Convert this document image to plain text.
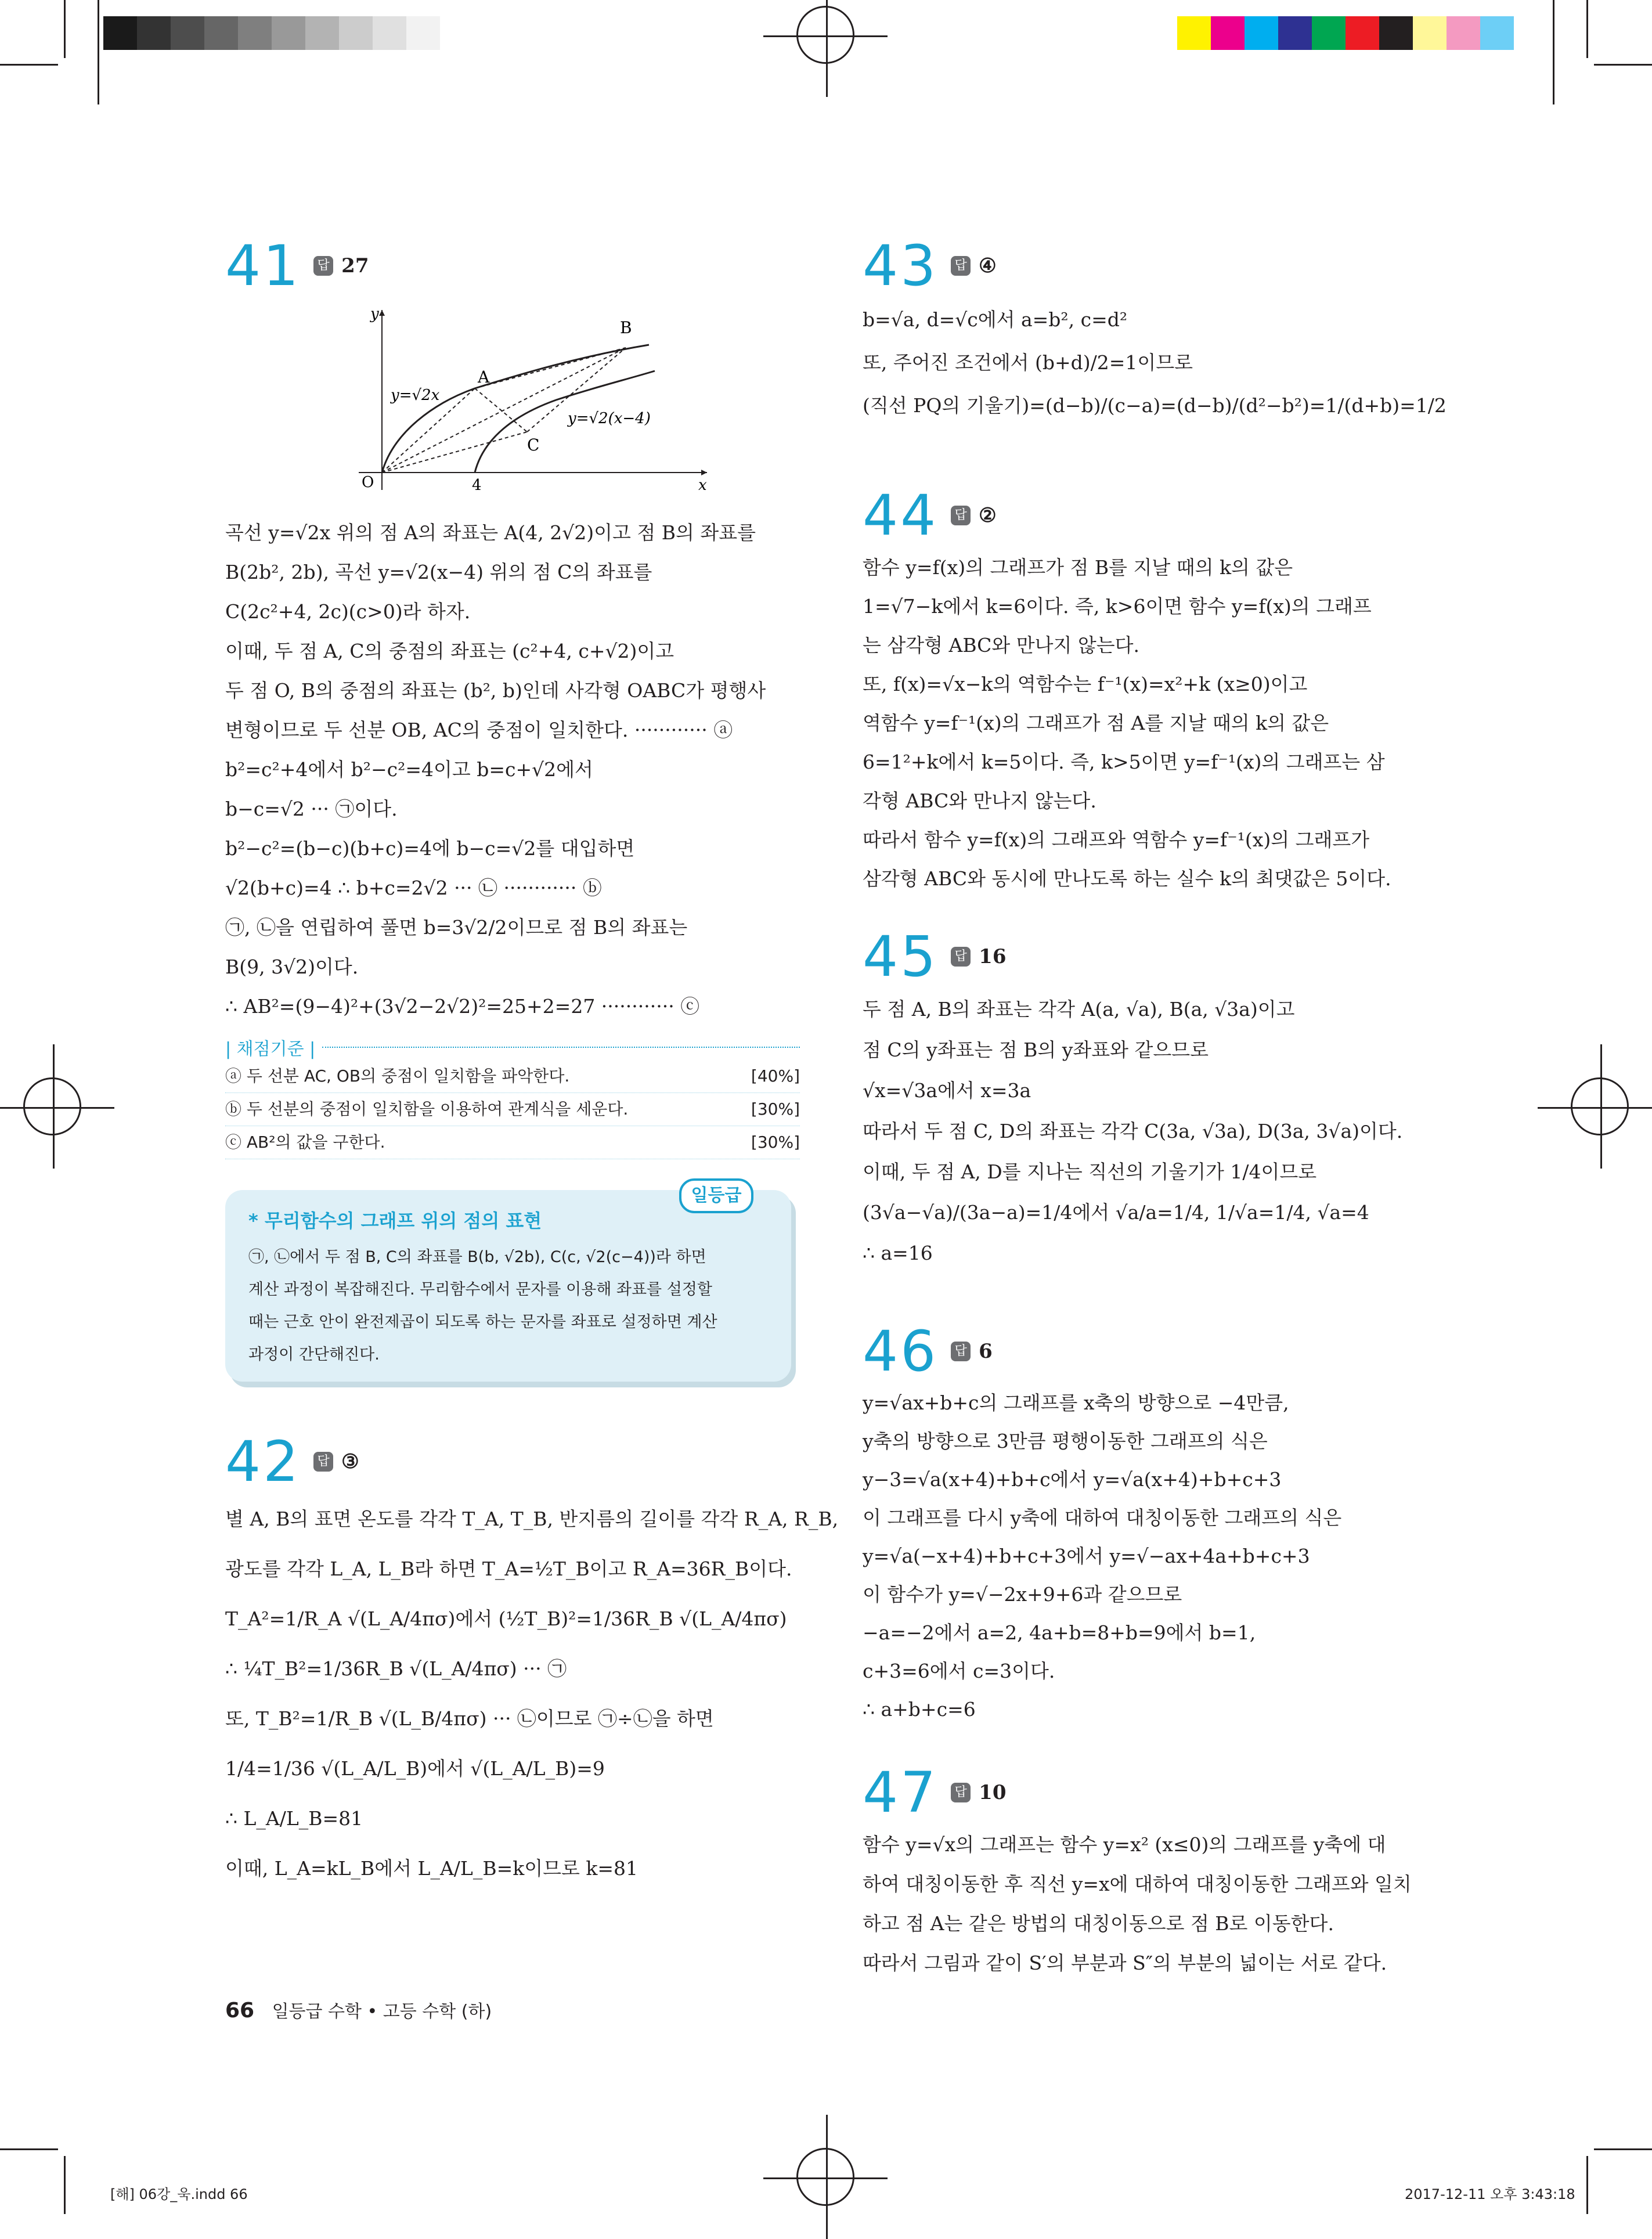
41 답 27
y
x
O	4
A
B
C
y=√2x
y=√2(x−4)
곡선 y=√2x 위의 점 A의 좌표는 A(4, 2√2)이고 점 B의 좌표를
B(2b², 2b), 곡선 y=√2(x−4) 위의 점 C의 좌표를
C(2c²+4, 2c)(c>0)라 하자.
이때, 두 점 A, C의 중점의 좌표는 (c²+4, c+√2)이고
두 점 O, B의 중점의 좌표는 (b², b)인데 사각형 OABC가 평행사
변형이므로 두 선분 OB, AC의 중점이 일치한다. ············ ⓐ
b²=c²+4에서 b²−c²=4이고 b=c+√2에서
b−c=√2 ··· ㉠이다.
b²−c²=(b−c)(b+c)=4에 b−c=√2를 대입하면
√2(b+c)=4 ∴ b+c=2√2 ··· ㉡ ············ ⓑ
㉠, ㉡을 연립하여 풀면 b=3√2/2이므로 점 B의 좌표는
B(9, 3√2)이다.
∴ AB²=(9−4)²+(3√2−2√2)²=25+2=27 ············ ⓒ
| 채점기준 |
ⓐ 두 선분 AC, OB의 중점이 일치함을 파악한다.	[40%]
ⓑ 두 선분의 중점이 일치함을 이용하여 관계식을 세운다.	[30%]
ⓒ AB²의 값을 구한다.	[30%]
* 무리함수의 그래프 위의 점의 표현
㉠, ㉡에서 두 점 B, C의 좌표를 B(b, √2b), C(c, √2(c−4))라 하면
계산 과정이 복잡해진다. 무리함수에서 문자를 이용해 좌표를 설정할
때는 근호 안이 완전제곱이 되도록 하는 문자를 좌표로 설정하면 계산
과정이 간단해진다.
일등급
42 답 ③
별 A, B의 표면 온도를 각각 T_A, T_B, 반지름의 길이를 각각 R_A, R_B,
광도를 각각 L_A, L_B라 하면 T_A=½T_B이고 R_A=36R_B이다.
T_A²=1/R_A √(L_A/4πσ)에서 (½T_B)²=1/36R_B √(L_A/4πσ)
∴ ¼T_B²=1/36R_B √(L_A/4πσ) ··· ㉠
또, T_B²=1/R_B √(L_B/4πσ) ··· ㉡이므로 ㉠÷㉡을 하면
1/4=1/36 √(L_A/L_B)에서 √(L_A/L_B)=9
∴ L_A/L_B=81
이때, L_A=kL_B에서 L_A/L_B=k이므로 k=81
43 답 ④
b=√a, d=√c에서 a=b², c=d²
또, 주어진 조건에서 (b+d)/2=1이므로
(직선 PQ의 기울기)=(d−b)/(c−a)=(d−b)/(d²−b²)=1/(d+b)=1/2
44 답 ②
함수 y=f(x)의 그래프가 점 B를 지날 때의 k의 값은
1=√7−k에서 k=6이다. 즉, k>6이면 함수 y=f(x)의 그래프
는 삼각형 ABC와 만나지 않는다.
또, f(x)=√x−k의 역함수는 f⁻¹(x)=x²+k (x≥0)이고
역함수 y=f⁻¹(x)의 그래프가 점 A를 지날 때의 k의 값은
6=1²+k에서 k=5이다. 즉, k>5이면 y=f⁻¹(x)의 그래프는 삼
각형 ABC와 만나지 않는다.
따라서 함수 y=f(x)의 그래프와 역함수 y=f⁻¹(x)의 그래프가
삼각형 ABC와 동시에 만나도록 하는 실수 k의 최댓값은 5이다.
45 답 16
두 점 A, B의 좌표는 각각 A(a, √a), B(a, √3a)이고
점 C의 y좌표는 점 B의 y좌표와 같으므로
√x=√3a에서 x=3a
따라서 두 점 C, D의 좌표는 각각 C(3a, √3a), D(3a, 3√a)이다.
이때, 두 점 A, D를 지나는 직선의 기울기가 1/4이므로
(3√a−√a)/(3a−a)=1/4에서 √a/a=1/4, 1/√a=1/4, √a=4
∴ a=16
46 답 6
y=√ax+b+c의 그래프를 x축의 방향으로 −4만큼,
y축의 방향으로 3만큼 평행이동한 그래프의 식은
y−3=√a(x+4)+b+c에서 y=√a(x+4)+b+c+3
이 그래프를 다시 y축에 대하여 대칭이동한 그래프의 식은
y=√a(−x+4)+b+c+3에서 y=√−ax+4a+b+c+3
이 함수가 y=√−2x+9+6과 같으므로
−a=−2에서 a=2, 4a+b=8+b=9에서 b=1,
c+3=6에서 c=3이다.
∴ a+b+c=6
47 답 10
함수 y=√x의 그래프는 함수 y=x² (x≤0)의 그래프를 y축에 대
하여 대칭이동한 후 직선 y=x에 대하여 대칭이동한 그래프와 일치
하고 점 A는 같은 방법의 대칭이동으로 점 B로 이동한다.
따라서 그림과 같이 S′의 부분과 S″의 부분의 넓이는 서로 같다.
66 일등급 수학 • 고등 수학 (하)
[해] 06강_욱.indd 66	2017-12-11 오후 3:43:18
